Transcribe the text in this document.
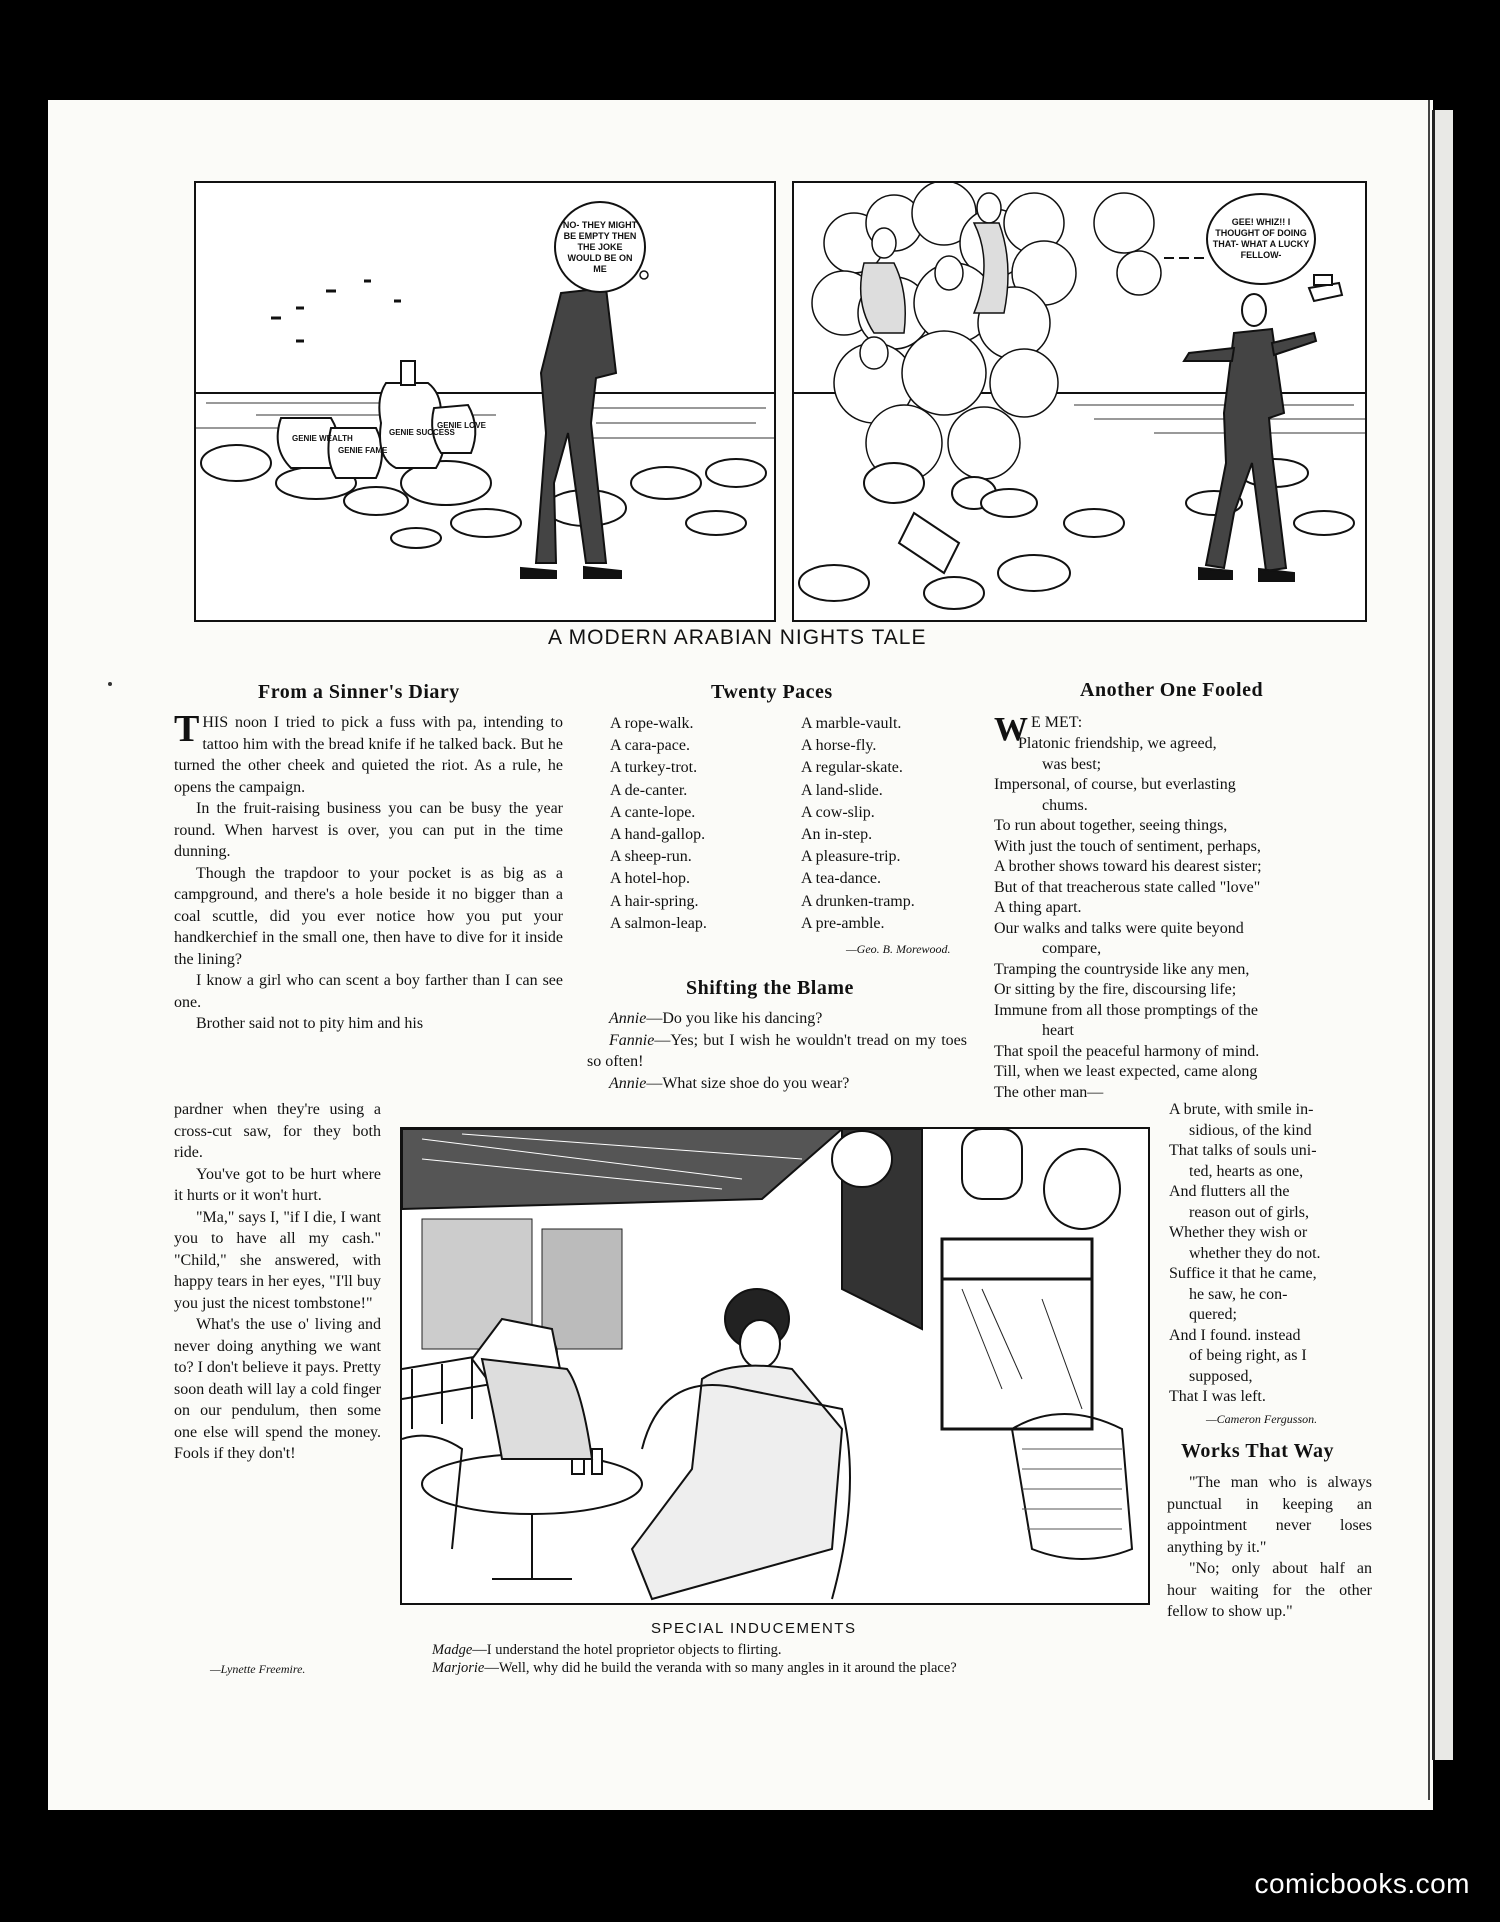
GENIE WEALTH
GENIE FAME
GENIE SUCCESS
GENIE LOVE
NO- THEY MIGHT BE EMPTY THEN THE JOKE WOULD BE ON ME
GEE! WHIZ!! I THOUGHT OF DOING THAT- WHAT A LUCKY FELLOW-
A MODERN ARABIAN NIGHTS TALE
From a Sinner's Diary

THIS noon I tried to pick a fuss with pa, intending to tattoo him with the bread knife if he talked back. But he turned the other cheek and quieted the riot. As a rule, he opens the campaign.

In the fruit-raising business you can be busy the year round. When harvest is over, you can put in the time dunning.

Though the trapdoor to your pocket is as big as a campground, and there's a hole beside it no bigger than a coal scuttle, did you ever notice how you put your handkerchief in the small one, then have to dive for it inside the lining?

I know a girl who can scent a boy farther than I can see one.

Brother said not to pity him and his

pardner when they're using a cross-cut saw, for they both ride.

You've got to be hurt where it hurts or it won't hurt.

"Ma," says I, "if I die, I want you to have all my cash." "Child," she answered, with happy tears in her eyes, "I'll buy you just the nicest tombstone!"

What's the use o' living and never doing anything we want to? I don't believe it pays. Pretty soon death will lay a cold finger on our pendulum, then some one else will spend the money. Fools if they don't!

—Lynette Freemire.
Twenty Paces
A rope-walk.
A cara-pace.
A turkey-trot.
A de-canter.
A cante-lope.
A hand-gallop.
A sheep-run.
A hotel-hop.
A hair-spring.
A salmon-leap.
A marble-vault.
A horse-fly.
A regular-skate.
A land-slide.
A cow-slip.
An in-step.
A pleasure-trip.
A tea-dance.
A drunken-tramp.
A pre-amble.
—Geo. B. Morewood.
Shifting the Blame

Annie—Do you like his dancing?

Fannie—Yes; but I wish he wouldn't tread on my toes so often!

Annie—What size shoe do you wear?

Another One Fooled
W E MET:
Platonic friendship, we agreed,
was best;
Impersonal, of course, but everlasting
chums.
To run about together, seeing things,
With just the touch of sentiment, perhaps,
A brother shows toward his dearest sister;
But of that treacherous state called "love"
A thing apart.
Our walks and talks were quite beyond
compare,
Tramping the countryside like any men,
Or sitting by the fire, discoursing life;
Immune from all those promptings of the
heart
That spoil the peaceful harmony of mind.
Till, when we least expected, came along
The other man—
A brute, with smile in-
sidious, of the kind
That talks of souls uni-
ted, hearts as one,
And flutters all the
reason out of girls,
Whether they wish or
whether they do not.
Suffice it that he came,
he saw, he con-
quered;
And I found. instead
of being right, as I
supposed,
That I was left.
—Cameron Fergusson.
Works That Way

"The man who is always punctual in keeping an appointment never loses anything by it."

"No; only about half an hour waiting for the other fellow to show up."

SPECIAL INDUCEMENTS
Madge—I understand the hotel proprietor objects to flirting.
Marjorie—Well, why did he build the veranda with so many angles in it around the place?
comicbooks.com
